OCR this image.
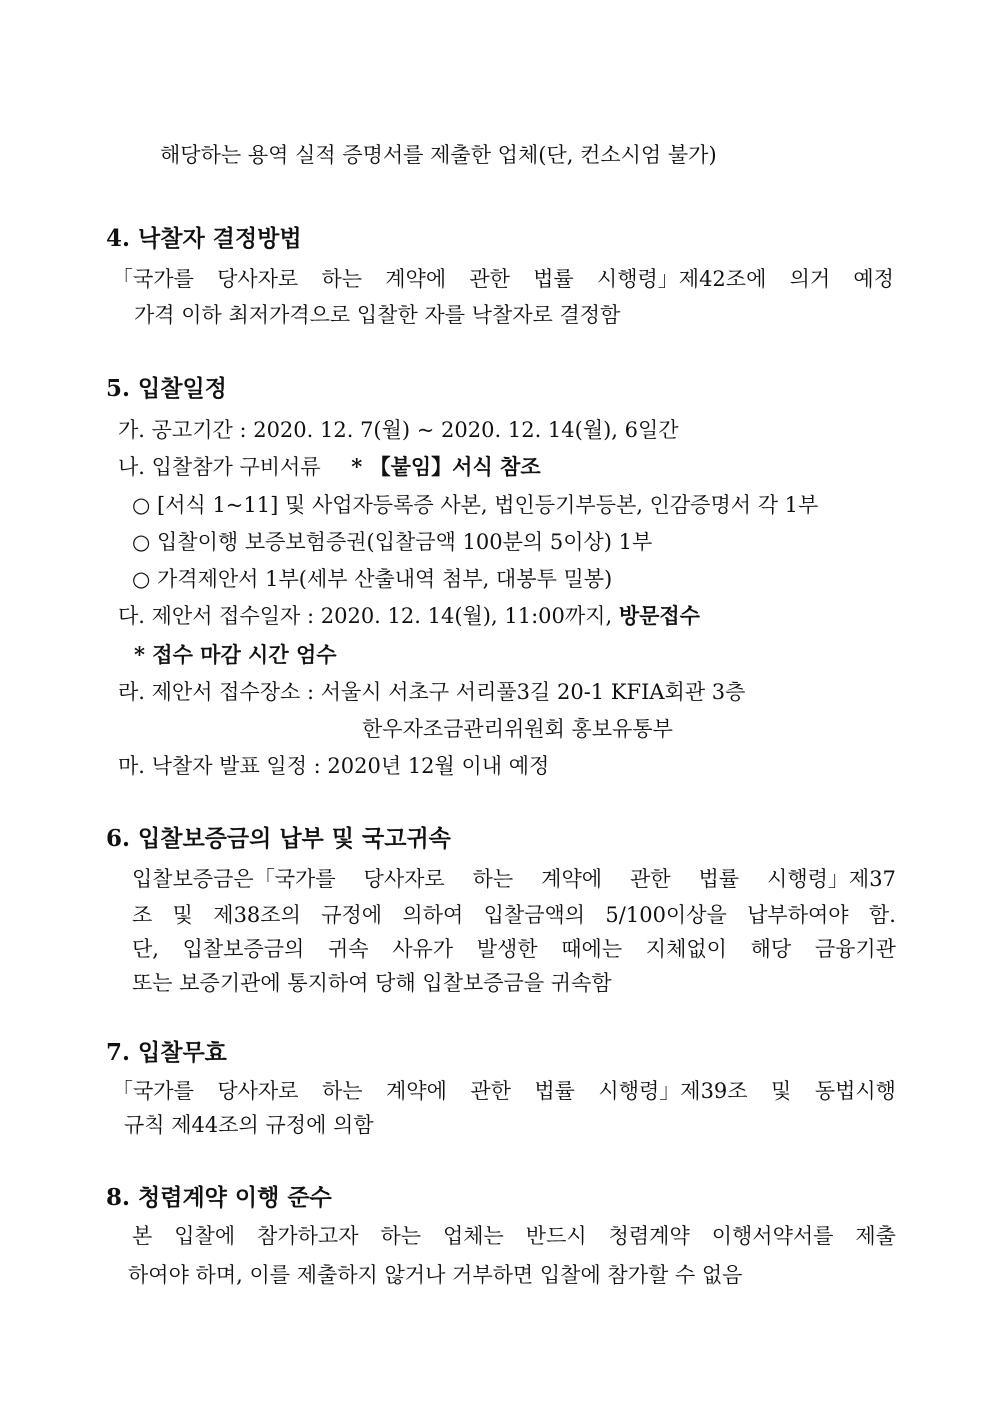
해당하는 용역 실적 증명서를 제출한 업체(단, 컨소시엄 불가)
4. 낙찰자 결정방법
「국가를 당사자로 하는 계약에 관한 법률 시행령」제42조에 의거 예정
가격 이하 최저가격으로 입찰한 자를 낙찰자로 결정함
5. 입찰일정
가. 공고기간 : 2020. 12. 7(월) ~ 2020. 12. 14(월), 6일간
나. 입찰참가 구비서류 * 【붙임】서식 참조
○ [서식 1~11] 및 사업자등록증 사본, 법인등기부등본, 인감증명서 각 1부
○ 입찰이행 보증보험증권(입찰금액 100분의 5이상) 1부
○ 가격제안서 1부(세부 산출내역 첨부, 대봉투 밀봉)
다. 제안서 접수일자 : 2020. 12. 14(월), 11:00까지, 방문접수
* 접수 마감 시간 엄수
라. 제안서 접수장소 : 서울시 서초구 서리풀3길 20-1 KFIA회관 3층
한우자조금관리위원회 홍보유통부
마. 낙찰자 발표 일정 : 2020년 12월 이내 예정
6. 입찰보증금의 납부 및 국고귀속
입찰보증금은「국가를 당사자로 하는 계약에 관한 법률 시행령」제37
조 및 제38조의 규정에 의하여 입찰금액의 5/100이상을 납부하여야 함.
단, 입찰보증금의 귀속 사유가 발생한 때에는 지체없이 해당 금융기관
또는 보증기관에 통지하여 당해 입찰보증금을 귀속함
7. 입찰무효
「국가를 당사자로 하는 계약에 관한 법률 시행령」제39조 및 동법시행
규칙 제44조의 규정에 의함
8. 청렴계약 이행 준수
본 입찰에 참가하고자 하는 업체는 반드시 청렴계약 이행서약서를 제출
하여야 하며, 이를 제출하지 않거나 거부하면 입찰에 참가할 수 없음
